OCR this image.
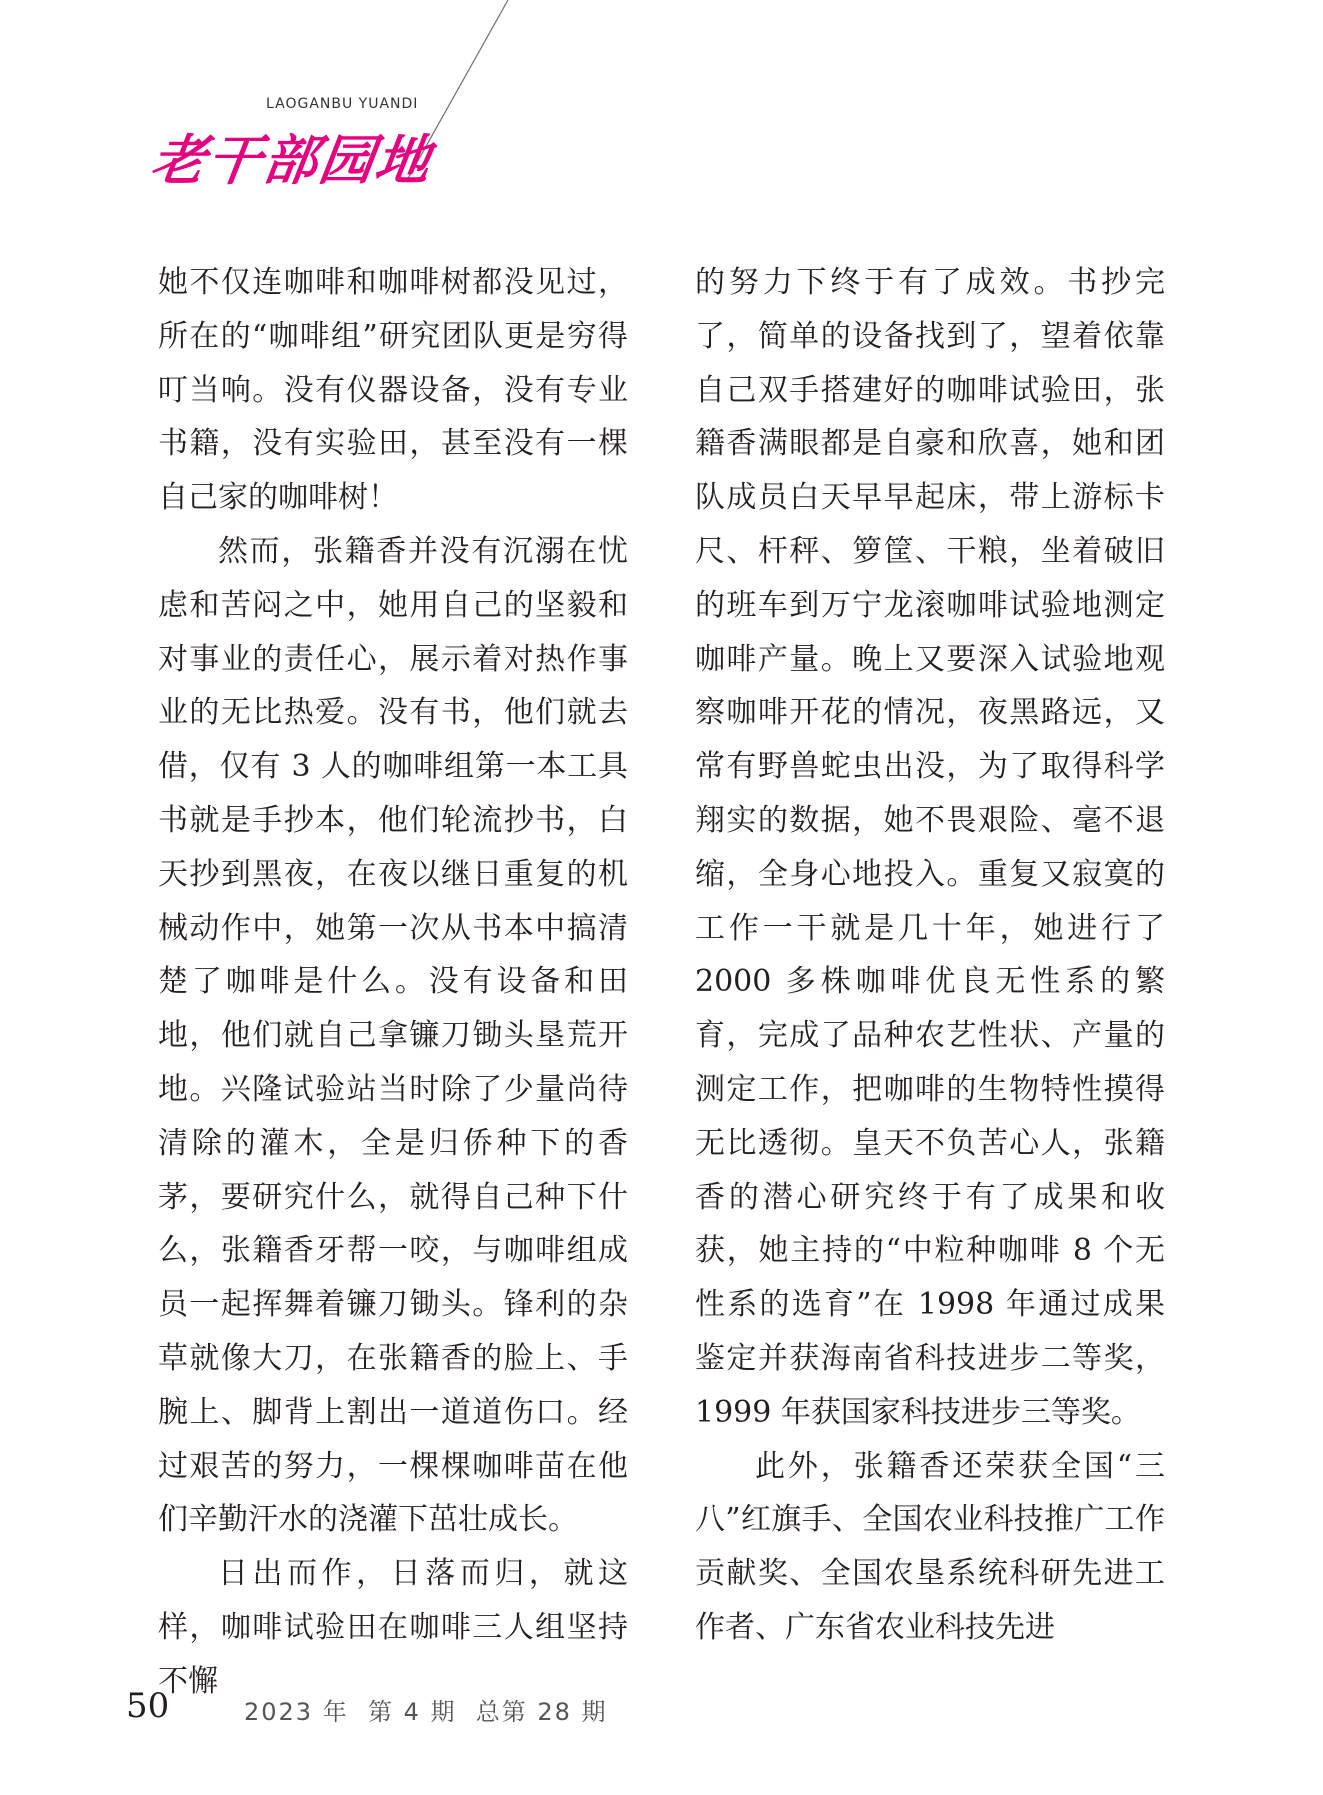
LAOGANBU YUANDI
老干部园地

她不仅连咖啡和咖啡树都没见过，所在的“咖啡组”研究团队更是穷得叮当响。没有仪器设备，没有专业书籍，没有实验田，甚至没有一棵自己家的咖啡树！

然而，张籍香并没有沉溺在忧虑和苦闷之中，她用自己的坚毅和对事业的责任心，展示着对热作事业的无比热爱。没有书，他们就去借，仅有 3 人的咖啡组第一本工具书就是手抄本，他们轮流抄书，白天抄到黑夜，在夜以继日重复的机械动作中，她第一次从书本中搞清楚了咖啡是什么。没有设备和田地，他们就自己拿镰刀锄头垦荒开地。兴隆试验站当时除了少量尚待清除的灌木，全是归侨种下的香茅，要研究什么，就得自己种下什么，张籍香牙帮一咬，与咖啡组成员一起挥舞着镰刀锄头。锋利的杂草就像大刀，在张籍香的脸上、手腕上、脚背上割出一道道伤口。经过艰苦的努力，一棵棵咖啡苗在他们辛勤汗水的浇灌下茁壮成长。

日出而作，日落而归，就这样，咖啡试验田在咖啡三人组坚持不懈

的努力下终于有了成效。书抄完了，简单的设备找到了，望着依靠自己双手搭建好的咖啡试验田，张籍香满眼都是自豪和欣喜，她和团队成员白天早早起床，带上游标卡尺、杆秤、箩筐、干粮，坐着破旧的班车到万宁龙滚咖啡试验地测定咖啡产量。晚上又要深入试验地观察咖啡开花的情况，夜黑路远，又常有野兽蛇虫出没，为了取得科学翔实的数据，她不畏艰险、毫不退缩，全身心地投入。重复又寂寞的工作一干就是几十年，她进行了 2000 多株咖啡优良无性系的繁育，完成了品种农艺性状、产量的测定工作，把咖啡的生物特性摸得无比透彻。皇天不负苦心人，张籍香的潜心研究终于有了成果和收获，她主持的“中粒种咖啡 8 个无性系的选育”在 1998 年通过成果鉴定并获海南省科技进步二等奖，1999 年获国家科技进步三等奖。

此外，张籍香还荣获全国“三八”红旗手、全国农业科技推广工作贡献奖、全国农垦系统科研先进工作者、广东省农业科技先进

50	2023 年  第 4 期  总第 28 期
